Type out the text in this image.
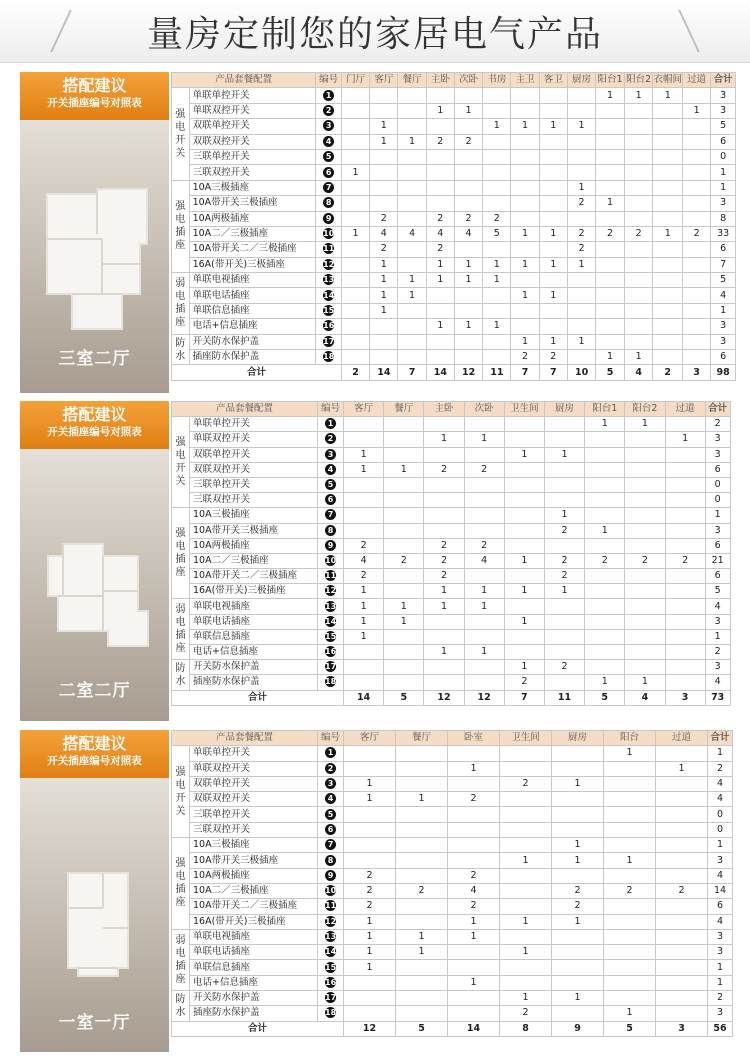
量房定制您的家居电气产品
搭配建议
开关插座编号对照表
三室二厅
产品套餐配置		编号	门厅	客厅	餐厅	主卧	次卧	书房	主卫	客卫	厨房	阳台1	阳台2	衣帽间	过道	合计
强
电
开
关	单联单控开关	1										1	1	1		3
	单联双控开关	2				1	1								1	3
	双联单控开关	3		1				1	1	1	1					5
	双联双控开关	4		1	1	2	2									6
	三联单控开关	5														0
	三联双控开关	6	1													1
强
电
插
座	10A三极插座	7									1					1
	10A带开关三极插座	8									2	1				3
	10A两极插座	9		2		2	2	2								8
	10A二／三极插座	10	1	4	4	4	4	5	1	1	2	2	2	1	2	33
	10A带开关二／三极插座	11		2		2					2					6
	16A(带开关)三极插座	12		1		1	1	1	1	1	1					7
弱
电
插
座	单联电视插座	13		1	1	1	1	1								5
	单联电话插座	14		1	1				1	1						4
	单联信息插座	15		1												1
	电话+信息插座	16				1	1	1								3
防
水	开关防水保护盖	17							1	1	1					3
	插座防水保护盖	18							2	2		1	1			6
合计			2	14	7	14	12	11	7	7	10	5	4	2	3	98
搭配建议
开关插座编号对照表
二室二厅
产品套餐配置		编号	客厅	餐厅	主卧	次卧	卫生间	厨房	阳台1	阳台2	过道	合计
强
电
开
关	单联单控开关	1							1	1		2
	单联双控开关	2			1	1					1	3
	双联单控开关	3	1				1	1				3
	双联双控开关	4	1	1	2	2						6
	三联单控开关	5										0
	三联双控开关	6										0
强
电
插
座	10A三极插座	7						1				1
	10A带开关三极插座	8						2	1			3
	10A两极插座	9	2		2	2						6
	10A二／三极插座	10	4	2	2	4	1	2	2	2	2	21
	10A带开关二／三极插座	11	2		2			2				6
	16A(带开关)三极插座	12	1		1	1	1	1				5
弱
电
插
座	单联电视插座	13	1	1	1	1						4
	单联电话插座	14	1	1			1					3
	单联信息插座	15	1									1
	电话+信息插座	16			1	1						2
防
水	开关防水保护盖	17					1	2				3
	插座防水保护盖	18					2		1	1		4
合计			14	5	12	12	7	11	5	4	3	73
搭配建议
开关插座编号对照表
一室一厅
产品套餐配置		编号	客厅	餐厅	卧室	卫生间	厨房	阳台	过道	合计
强
电
开
关	单联单控开关	1						1		1
	单联双控开关	2			1				1	2
	双联单控开关	3	1			2	1			4
	双联双控开关	4	1	1	2					4
	三联单控开关	5								0
	三联双控开关	6								0
强
电
插
座	10A三极插座	7					1			1
	10A带开关三极插座	8				1	1	1		3
	10A两极插座	9	2		2					4
	10A二／三极插座	10	2	2	4		2	2	2	14
	10A带开关二／三极插座	11	2		2		2			6
	16A(带开关)三极插座	12	1		1	1	1			4
弱
电
插
座	单联电视插座	13	1	1	1					3
	单联电话插座	14	1	1		1				3
	单联信息插座	15	1							1
	电话+信息插座	16			1					1
防
水	开关防水保护盖	17				1	1			2
	插座防水保护盖	18				2		1		3
合计			12	5	14	8	9	5	3	56
